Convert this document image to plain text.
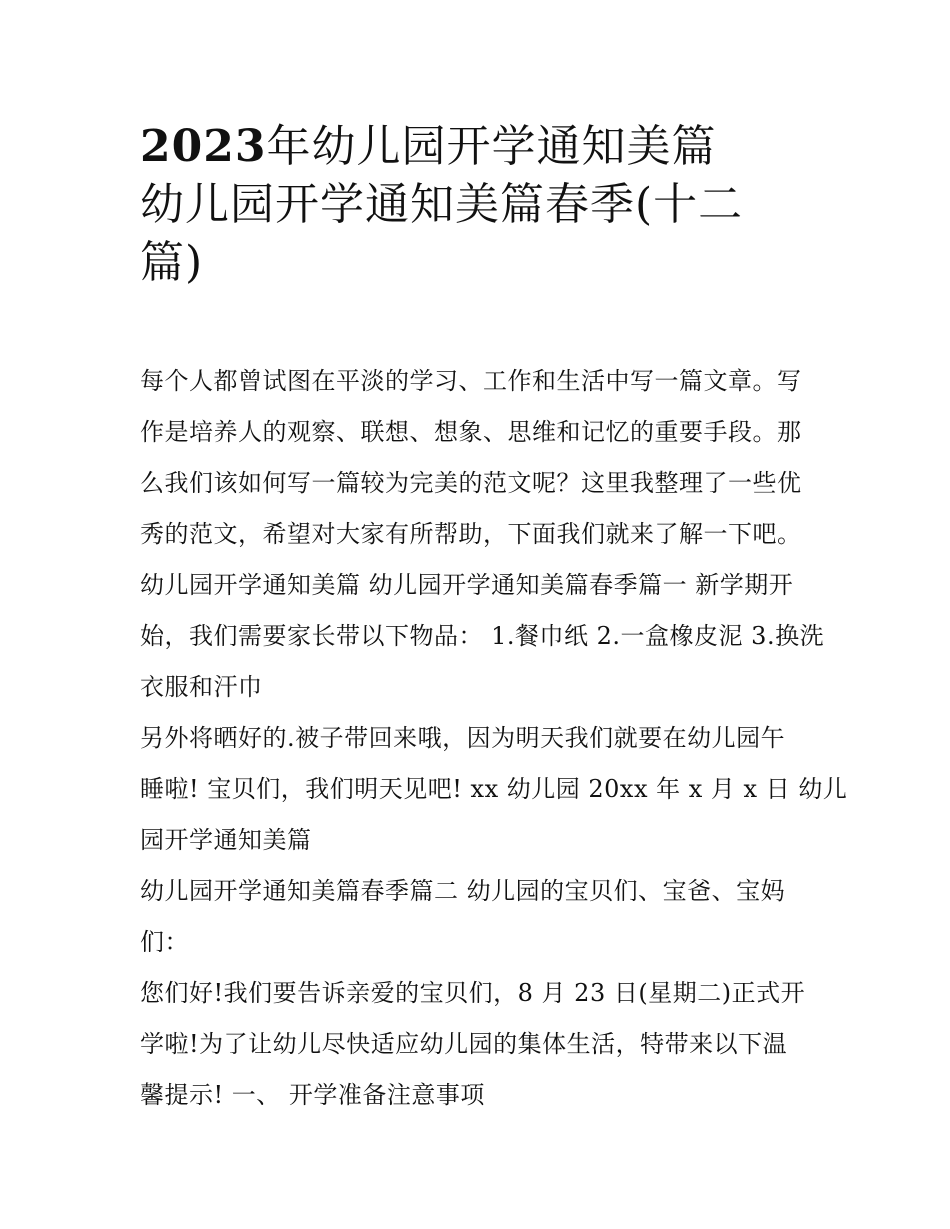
2023年幼儿园开学通知美篇
幼儿园开学通知美篇春季(十二
篇)

每个人都曾试图在平淡的学习、工作和生活中写一篇文章。写
作是培养人的观察、联想、想象、思维和记忆的重要手段。那
么我们该如何写一篇较为完美的范文呢？这里我整理了一些优
秀的范文，希望对大家有所帮助，下面我们就来了解一下吧。

幼儿园开学通知美篇 幼儿园开学通知美篇春季篇一 新学期开
始，我们需要家长带以下物品： 1.餐巾纸 2.一盒橡皮泥 3.换洗
衣服和汗巾

另外将晒好的.被子带回来哦，因为明天我们就要在幼儿园午
睡啦! 宝贝们，我们明天见吧! xx 幼儿园 20xx 年 x 月 x 日 幼儿
园开学通知美篇

幼儿园开学通知美篇春季篇二 幼儿园的宝贝们、宝爸、宝妈
们：

您们好!我们要告诉亲爱的宝贝们，8 月 23 日(星期二)正式开
学啦!为了让幼儿尽快适应幼儿园的集体生活，特带来以下温
馨提示! 一、 开学准备注意事项
